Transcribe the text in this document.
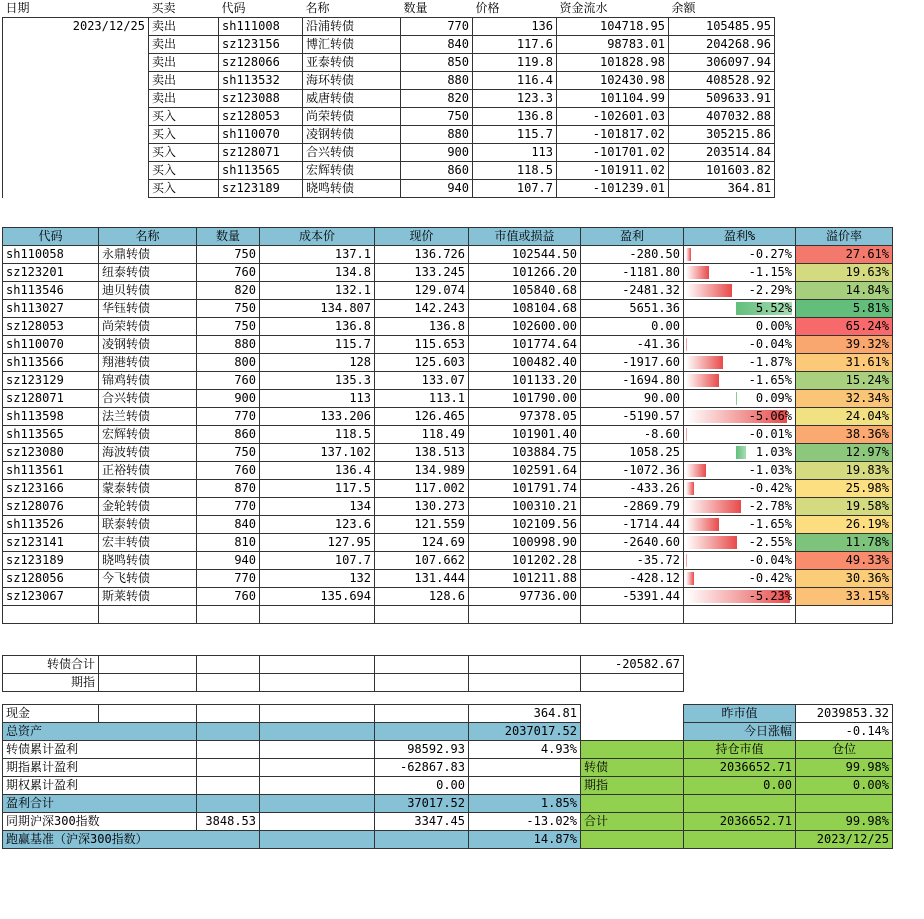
日期	买卖	代码	名称	数量	价格	资金流水	余额
2023/12/25	卖出	sh111008	沿浦转债	770	136	104718.95	105485.95
	卖出	sz123156	博汇转债	840	117.6	98783.01	204268.96
	卖出	sz128066	亚泰转债	850	119.8	101828.98	306097.94
	卖出	sh113532	海环转债	880	116.4	102430.98	408528.92
	卖出	sz123088	威唐转债	820	123.3	101104.99	509633.91
	买入	sz128053	尚荣转债	750	136.8	-102601.03	407032.88
	买入	sh110070	凌钢转债	880	115.7	-101817.02	305215.86
	买入	sz128071	合兴转债	900	113	-101701.02	203514.84
	买入	sh113565	宏辉转债	860	118.5	-101911.02	101603.82
	买入	sz123189	晓鸣转债	940	107.7	-101239.01	364.81
代码	名称	数量	成本价	现价	市值或损益	盈利	盈利%	溢价率
sh110058	永鼎转债	750	137.1	136.726	102544.50	-280.50	-0.27%	27.61%
sz123201	纽泰转债	760	134.8	133.245	101266.20	-1181.80	-1.15%	19.63%
sh113546	迪贝转债	820	132.1	129.074	105840.68	-2481.32	-2.29%	14.84%
sh113027	华钰转债	750	134.807	142.243	108104.68	5651.36	5.52%	5.81%
sz128053	尚荣转债	750	136.8	136.8	102600.00	0.00	0.00%	65.24%
sh110070	凌钢转债	880	115.7	115.653	101774.64	-41.36	-0.04%	39.32%
sh113566	翔港转债	800	128	125.603	100482.40	-1917.60	-1.87%	31.61%
sz123129	锦鸡转债	760	135.3	133.07	101133.20	-1694.80	-1.65%	15.24%
sz128071	合兴转债	900	113	113.1	101790.00	90.00	0.09%	32.34%
sh113598	法兰转债	770	133.206	126.465	97378.05	-5190.57	-5.06%	24.04%
sh113565	宏辉转债	860	118.5	118.49	101901.40	-8.60	-0.01%	38.36%
sz123080	海波转债	750	137.102	138.513	103884.75	1058.25	1.03%	12.97%
sh113561	正裕转债	760	136.4	134.989	102591.64	-1072.36	-1.03%	19.83%
sz123166	蒙泰转债	870	117.5	117.002	101791.74	-433.26	-0.42%	25.98%
sz128076	金轮转债	770	134	130.273	100310.21	-2869.79	-2.78%	19.58%
sh113526	联泰转债	840	123.6	121.559	102109.56	-1714.44	-1.65%	26.19%
sz123141	宏丰转债	810	127.95	124.69	100998.90	-2640.60	-2.55%	11.78%
sz123189	晓鸣转债	940	107.7	107.662	101202.28	-35.72	-0.04%	49.33%
sz128056	今飞转债	770	132	131.444	101211.88	-428.12	-0.42%	30.36%
sz123067	斯莱转债	760	135.694	128.6	97736.00	-5391.44	-5.23%	33.15%

转债合计						-20582.67		
期指								

现金					364.81		昨市值	2039853.32
总资产					2037017.52		今日涨幅	-0.14%
转债累计盈利				98592.93	4.93%		持仓市值	仓位
期指累计盈利				-62867.83		转债	2036652.71	99.98%
期权累计盈利				0.00		期指	0.00	0.00%
盈利合计				37017.52	1.85%			
同期沪深300指数		3848.53		3347.45	-13.02%	合计	2036652.71	99.98%
跑赢基准（沪深300指数）					14.87%			2023/12/25
